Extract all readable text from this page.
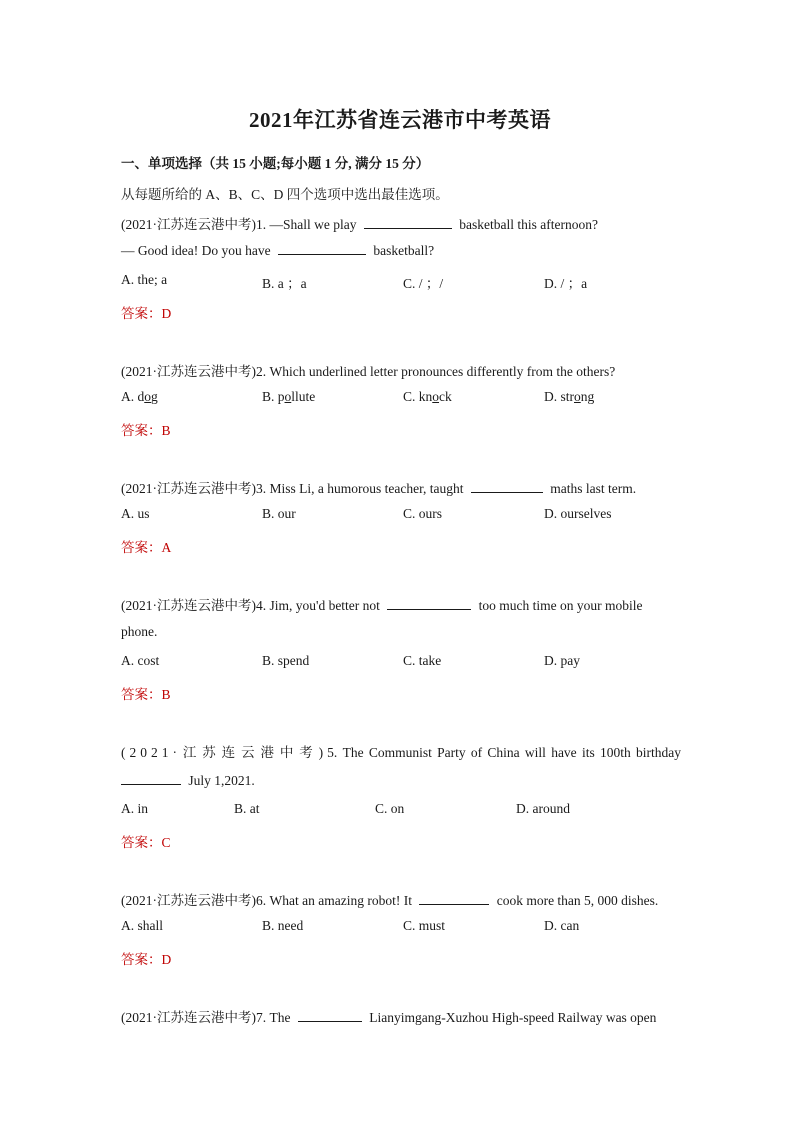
2021年江苏省连云港市中考英语
一、单项选择（共 15 小题;每小题 1 分, 满分 15 分）
从每题所给的 A、B、C、D 四个选项中选出最佳选项。
(2021·江苏连云港中考)1. —Shall we play	basketball this afternoon?
— Good idea! Do you have	basketball?
A. the; a	B. a ；a	C. / ；/	D. / ；a
答案：D
(2021·江苏连云港中考)2. Which underlined letter pronounces differently from the others?
A. dog	B. pollute	C. knock	D. strong
答案：B
(2021·江苏连云港中考)3. Miss Li, a humorous teacher, taught	maths last term.
A. us	B. our	C. ours	D. ourselves
答案：A
(2021·江苏连云港中考)4. Jim, you'd better not	too much time on your mobile
phone.
A. cost	B. spend	C. take	D. pay
答案：B
(2021·江苏连云港中考)5. The Communist Party of China will have its 100th birthday
July 1,2021.
A. in	B. at	C. on	D. around
答案：C
(2021·江苏连云港中考)6. What an amazing robot! It	cook more than 5, 000 dishes.
A. shall	B. need	C. must	D. can
答案：D
(2021·江苏连云港中考)7. The	Lianyimgang-Xuzhou High-speed Railway was open
